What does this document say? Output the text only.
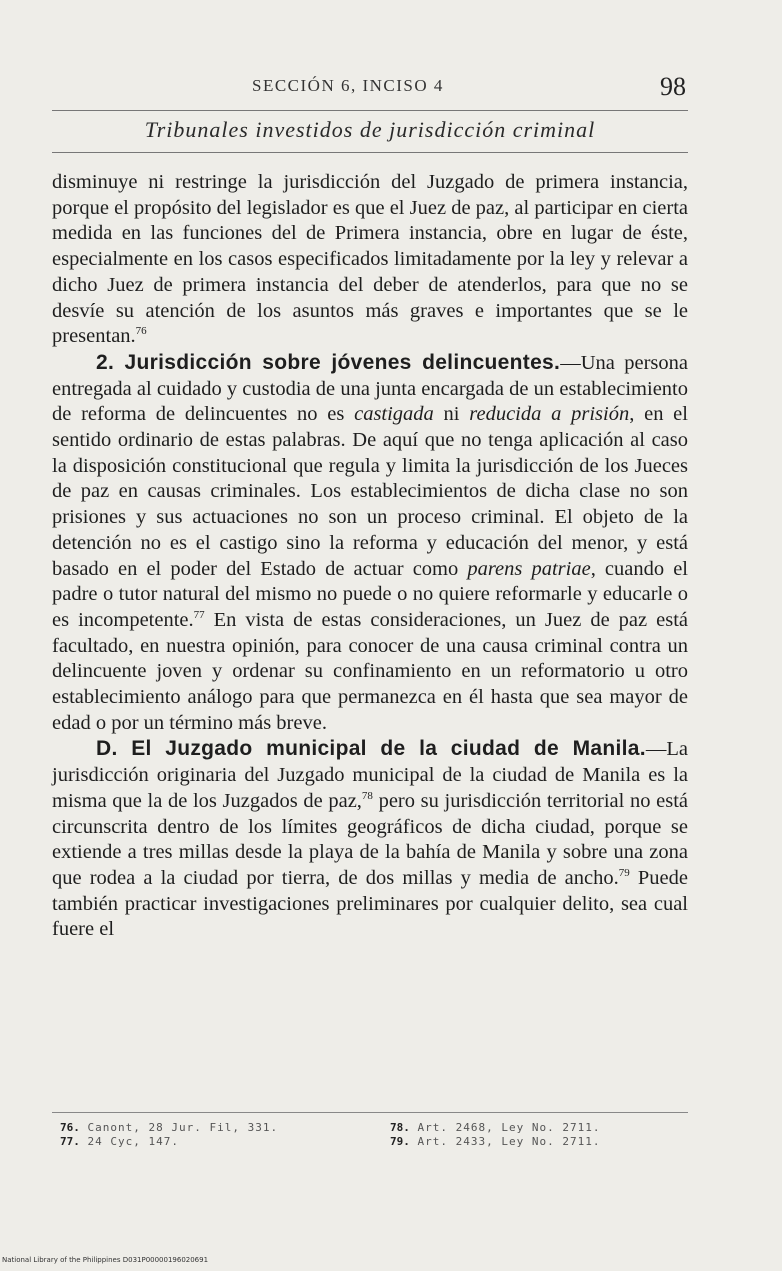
SECCIÓN 6, INCISO 4	98
Tribunales investidos de jurisdicción criminal

disminuye ni restringe la jurisdicción del Juzgado de primera instancia, porque el propósito del legislador es que el Juez de paz, al participar en cierta medida en las funciones del de Primera instancia, obre en lugar de éste, especialmente en los casos especificados limitadamente por la ley y relevar a dicho Juez de primera instancia del deber de atenderlos, para que no se desvíe su atención de los asuntos más graves e importantes que se le presentan.$^{76}$

2. Jurisdicción sobre jóvenes delincuentes.—Una persona entregada al cuidado y custodia de una junta encargada de un establecimiento de reforma de delincuentes no es castigada ni reducida a prisión, en el sentido ordinario de estas palabras. De aquí que no tenga aplicación al caso la disposición constitucional que regula y limita la jurisdicción de los Jueces de paz en causas criminales. Los establecimientos de dicha clase no son prisiones y sus actuaciones no son un proceso criminal. El objeto de la detención no es el castigo sino la reforma y educación del menor, y está basado en el poder del Estado de actuar como parens patriae, cuando el padre o tutor natural del mismo no puede o no quiere reformarle y educarle o es incompetente.$^{77}$ En vista de estas consideraciones, un Juez de paz está facultado, en nuestra opinión, para conocer de una causa criminal contra un delincuente joven y ordenar su confinamiento en un reformatorio u otro establecimiento análogo para que permanezca en él hasta que sea mayor de edad o por un término más breve.

D. El Juzgado municipal de la ciudad de Manila.—La jurisdicción originaria del Juzgado municipal de la ciudad de Manila es la misma que la de los Juzgados de paz,$^{78}$ pero su jurisdicción territorial no está circunscrita dentro de los límites geográficos de dicha ciudad, porque se extiende a tres millas desde la playa de la bahía de Manila y sobre una zona que rodea a la ciudad por tierra, de dos millas y media de ancho.$^{79}$ Puede también practicar investigaciones preliminares por cualquier delito, sea cual fuere el

76. Canont, 28 Jur. Fil, 331.
77. 24 Cyc, 147.
78. Art. 2468, Ley No. 2711.
79. Art. 2433, Ley No. 2711.
National Library of the Philippines D031P00000196020691
